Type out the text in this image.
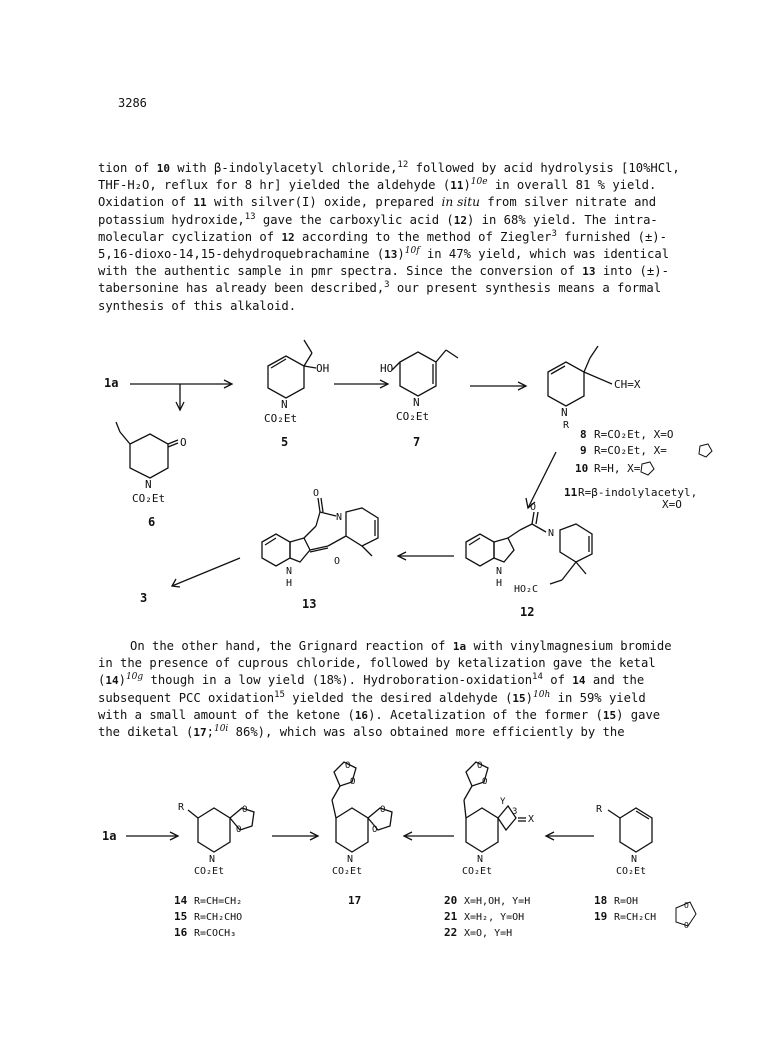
3286
tion of 10 with β-indolylacetyl chloride,$^{12}$ followed by acid hydrolysis [10%HCl,
THF-H₂O, reflux for 8 hr] yielded the aldehyde $(11)^{10e}$ in overall 81 % yield.
Oxidation of 11 with silver(I) oxide, prepared in situ from silver nitrate and
potassium hydroxide,$^{13}$ gave the carboxylic acid (12) in 68% yield. The intra-
molecular cyclization of 12 according to the method of Ziegler$^3$ furnished (±)-
5,16-dioxo-14,15-dehydroquebrachamine $(13)^{10f}$ in 47% yield, which was identical
with the authentic sample in pmr spectra. Since the conversion of 13 into (±)-
tabersonine has already been described,$^3$ our present synthesis means a formal
synthesis of this alkaloid.
On the other hand, the Grignard reaction of 1a with vinylmagnesium bromide
in the presence of cuprous chloride, followed by ketalization gave the ketal
$(14)^{10g}$ though in a low yield (18%). Hydroboration-oxidation$^{14}$ of 14 and the
subsequent PCC oxidation$^{15}$ yielded the desired aldehyde $(15)^{10h}$ in 59% yield
with a small amount of the ketone (16). Acetalization of the former (15) gave
the diketal (17;$^{10i}$ 86%), which was also obtained more efficiently by the
1a
OH
N
CO₂Et
5
HO
N
CO₂Et
7
CH=X
N
R
8 R=CO₂Et, X=O
9 R=CO₂Et, X=
10 R=H, X=
11 R=β-indolylacetyl,
X=O
O
N
CO₂Et
6
O
N
N
H
HO₂C
12
O
N
N
H
O
13
3
1a
R	O
O
N
CO₂Et
14 R=CH=CH₂
15 R=CH₂CHO
16 R=COCH₃
O
O
O
O
N
CO₂Et
17
O
O
Y
3
X
N
CO₂Et
20 X=H,OH, Y=H
21 X=H₂, Y=OH
22 X=O, Y=H
R
N
CO₂Et
18 R=OH
19 R=CH₂CH
O
O
